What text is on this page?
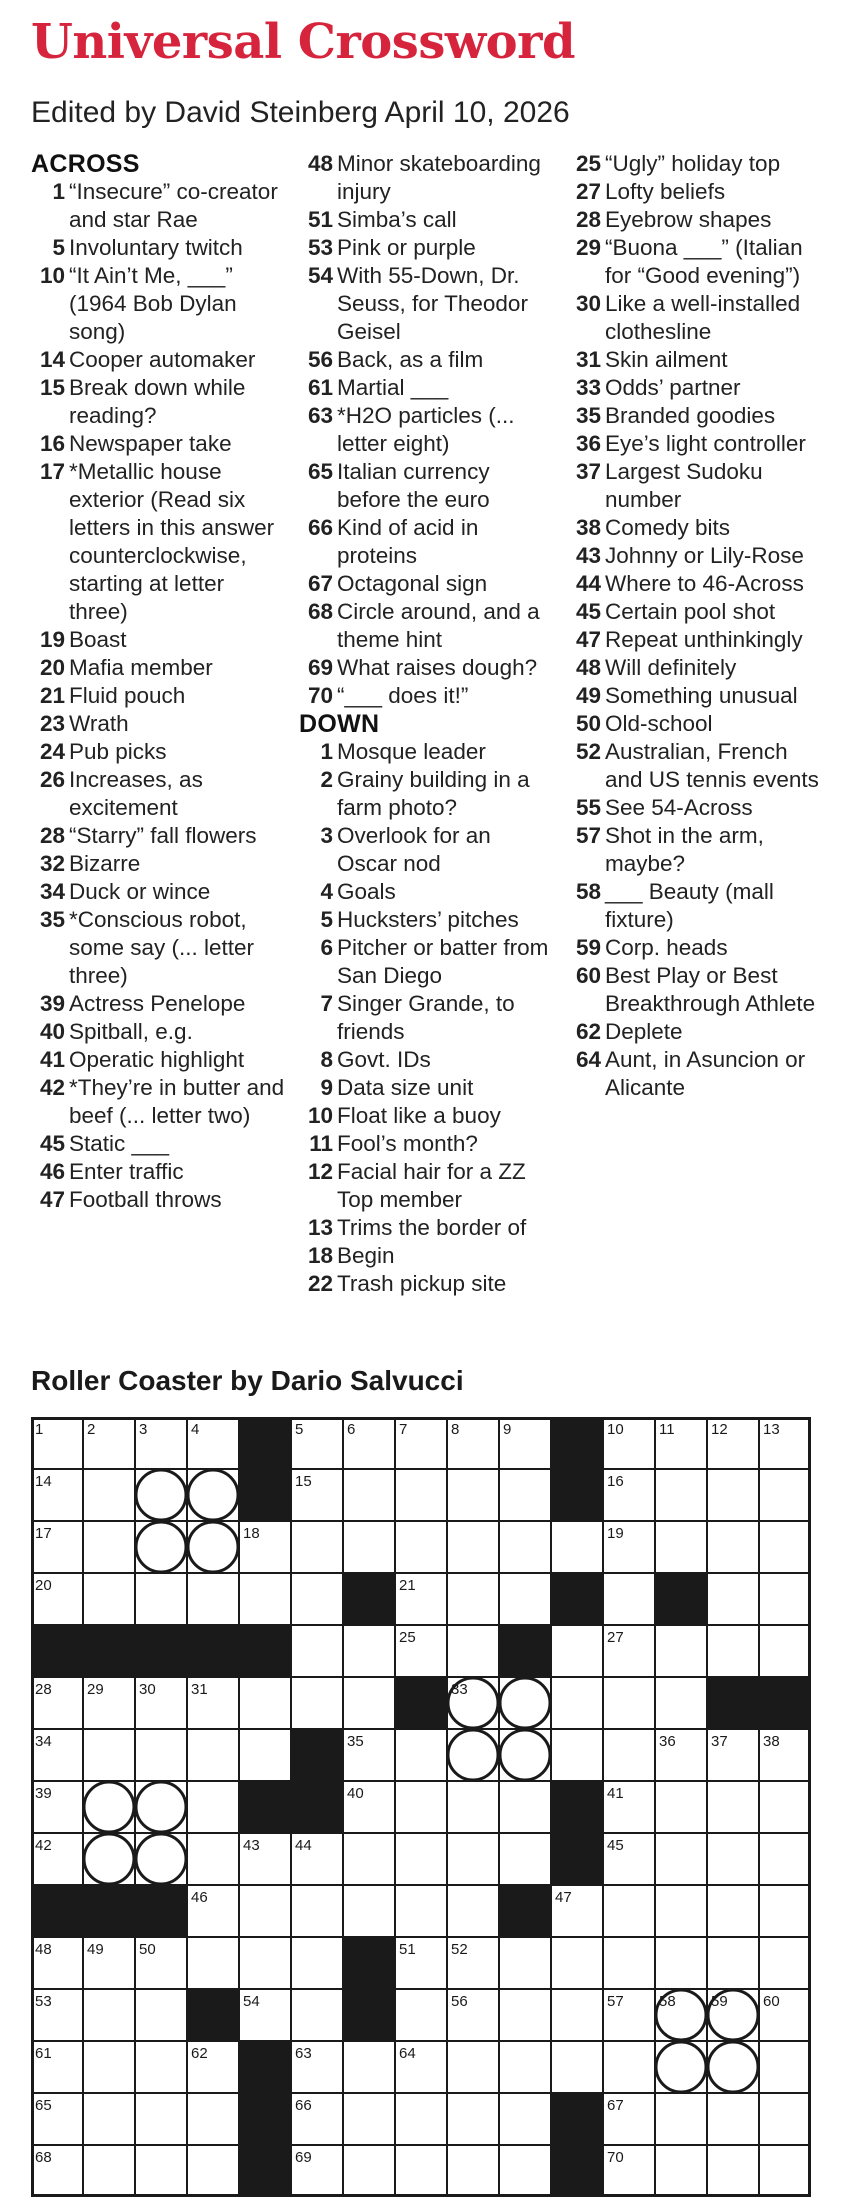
Universal Crossword
Edited by David Steinberg April 10, 2026
ACROSS
1 “Insecure” co-creator and star Rae
5 Involuntary twitch
10 “It Ain’t Me, ___” (1964 Bob Dylan song)
14 Cooper automaker
15 Break down while reading?
16 Newspaper take
17 *Metallic house exterior (Read six letters in this answer counterclockwise, starting at letter three)
19 Boast
20 Mafia member
21 Fluid pouch
23 Wrath
24 Pub picks
26 Increases, as excitement
28 “Starry” fall flowers
32 Bizarre
34 Duck or wince
35 *Conscious robot, some say (... letter three)
39 Actress Penelope
40 Spitball, e.g.
41 Operatic highlight
42 *They’re in butter and beef (... letter two)
45 Static ___
46 Enter traffic
47 Football throws
48 Minor skateboarding injury
51 Simba’s call
53 Pink or purple
54 With 55-Down, Dr. Seuss, for Theodor Geisel
56 Back, as a film
61 Martial ___
63 *H2O particles (... letter eight)
65 Italian currency before the euro
66 Kind of acid in proteins
67 Octagonal sign
68 Circle around, and a theme hint
69 What raises dough?
70 “___ does it!”
DOWN
1 Mosque leader
2 Grainy building in a farm photo?
3 Overlook for an Oscar nod
4 Goals
5 Hucksters’ pitches
6 Pitcher or batter from San Diego
7 Singer Grande, to friends
8 Govt. IDs
9 Data size unit
10 Float like a buoy
11 Fool’s month?
12 Facial hair for a ZZ Top member
13 Trims the border of
18 Begin
22 Trash pickup site
25 “Ugly” holiday top
27 Lofty beliefs
28 Eyebrow shapes
29 “Buona ___” (Italian for “Good evening”)
30 Like a well-installed clothesline
31 Skin ailment
33 Odds’ partner
35 Branded goodies
36 Eye’s light controller
37 Largest Sudoku number
38 Comedy bits
43 Johnny or Lily-Rose
44 Where to 46-Across
45 Certain pool shot
47 Repeat unthinkingly
48 Will definitely
49 Something unusual
50 Old-school
52 Australian, French and US tennis events
55 See 54-Across
57 Shot in the arm, maybe?
58 ___ Beauty (mall fixture)
59 Corp. heads
60 Best Play or Best Breakthrough Athlete
62 Deplete
64 Aunt, in Asuncion or Alicante
Roller Coaster by Dario Salvucci
1	2	3	4	5	6	7	8	9	10 11 12 13
14	15	16
17	18	19
20	21	22	23
24	25	26	27
28 29 30 31	32 33
34	35	36 37 38
39	40	41
42	43 44	45
46	47
48 49 50	51 52
53	54	55	56	57 58 59 60
61	62	63	64
65	66	67
68	69	70
